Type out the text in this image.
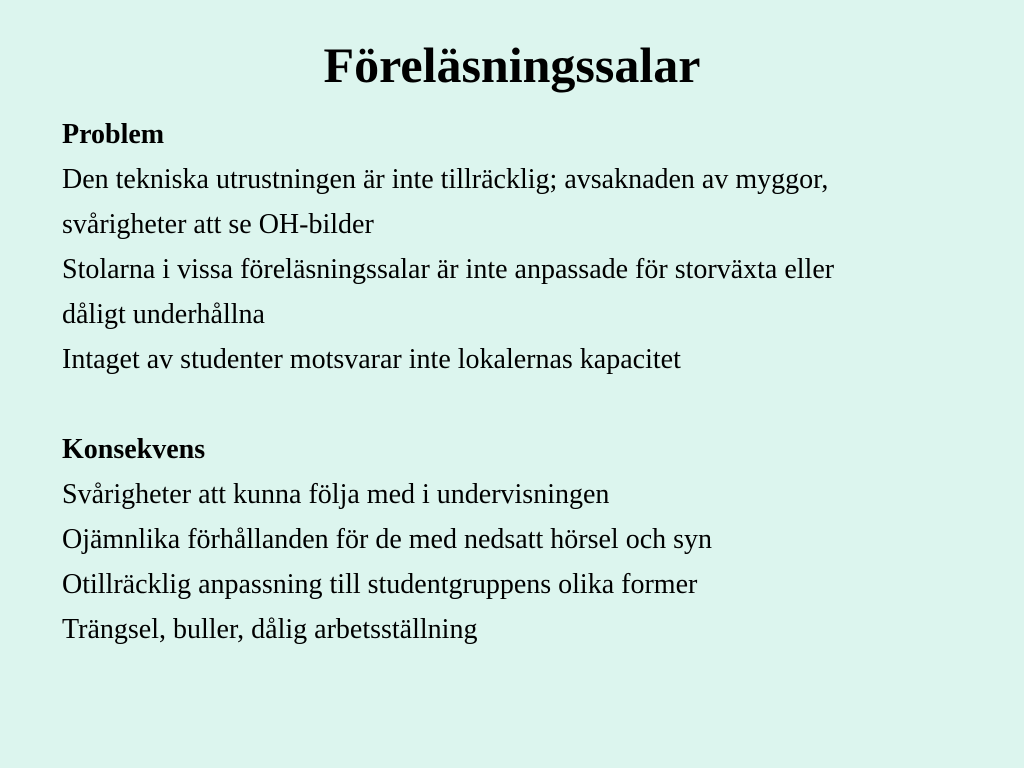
Föreläsningssalar
Problem
Den tekniska utrustningen är inte tillräcklig; avsaknaden av myggor,
svårigheter att se OH-bilder
Stolarna i vissa föreläsningssalar är inte anpassade för storväxta eller
dåligt underhållna
Intaget av studenter motsvarar inte lokalernas kapacitet
Konsekvens
Svårigheter att kunna följa med i undervisningen
Ojämnlika förhållanden för de med nedsatt hörsel och syn
Otillräcklig anpassning till studentgruppens olika former
Trängsel, buller, dålig arbetsställning
